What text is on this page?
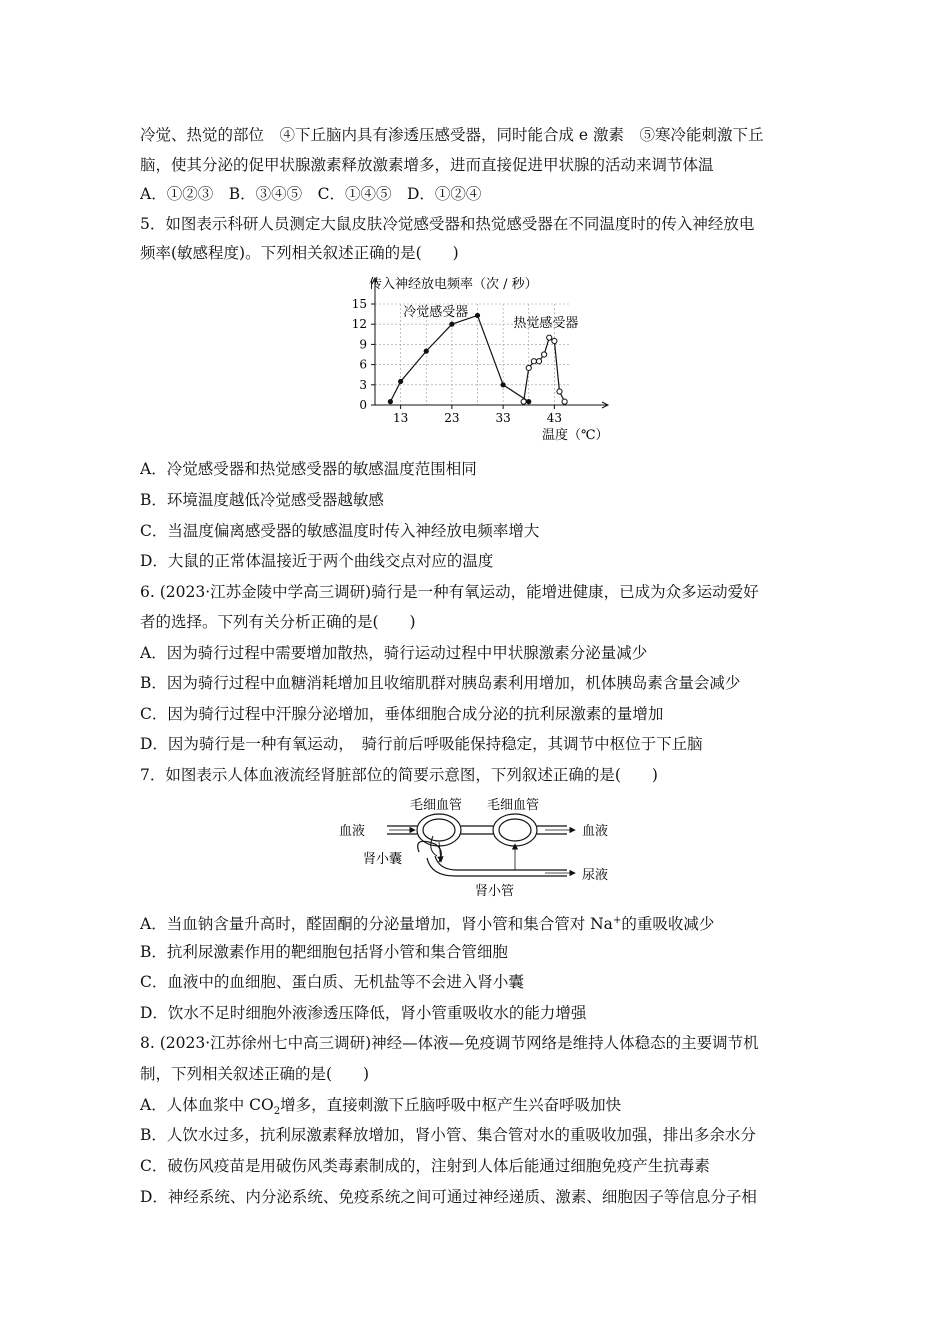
冷觉、热觉的部位　④下丘脑内具有渗透压感受器，同时能合成 e 激素　⑤寒冷能刺激下丘
脑，使其分泌的促甲状腺激素释放激素增多，进而直接促进甲状腺的活动来调节体温
A．①②③　B．③④⑤　C．①④⑤　D．①②④
5．如图表示科研人员测定大鼠皮肤冷觉感受器和热觉感受器在不同温度时的传入神经放电
频率(敏感程度)。下列相关叙述正确的是(　　)
0
3
6
9
12
15
13	23	33	43
传入神经放电频率（次 / 秒）
温度（℃）
冷觉感受器
热觉感受器
A．冷觉感受器和热觉感受器的敏感温度范围相同
B．环境温度越低冷觉感受器越敏感
C．当温度偏离感受器的敏感温度时传入神经放电频率增大
D．大鼠的正常体温接近于两个曲线交点对应的温度
6. (2023·江苏金陵中学高三调研)骑行是一种有氧运动，能增进健康，已成为众多运动爱好
者的选择。下列有关分析正确的是(　　)
A．因为骑行过程中需要增加散热，骑行运动过程中甲状腺激素分泌量减少
B．因为骑行过程中血糖消耗增加且收缩肌群对胰岛素利用增加，机体胰岛素含量会减少
C．因为骑行过程中汗腺分泌增加，垂体细胞合成分泌的抗利尿激素的量增加
D．因为骑行是一种有氧运动，　骑行前后呼吸能保持稳定，其调节中枢位于下丘脑
7．如图表示人体血液流经肾脏部位的简要示意图，下列叙述正确的是(　　)
毛细血管 毛细血管
血液	血液
肾小囊
肾小管
尿液
A．当血钠含量升高时，醛固酮的分泌量增加，肾小管和集合管对 Na+的重吸收减少
B．抗利尿激素作用的靶细胞包括肾小管和集合管细胞
C．血液中的血细胞、蛋白质、无机盐等不会进入肾小囊
D．饮水不足时细胞外液渗透压降低，肾小管重吸收水的能力增强
8. (2023·江苏徐州七中高三调研)神经—体液—免疫调节网络是维持人体稳态的主要调节机
制，下列相关叙述正确的是(　　)
A．人体血浆中 $CO_2$增多，直接刺激下丘脑呼吸中枢产生兴奋呼吸加快
B．人饮水过多，抗利尿激素释放增加，肾小管、集合管对水的重吸收加强，排出多余水分
C．破伤风疫苗是用破伤风类毒素制成的，注射到人体后能通过细胞免疫产生抗毒素
D．神经系统、内分泌系统、免疫系统之间可通过神经递质、激素、细胞因子等信息分子相
